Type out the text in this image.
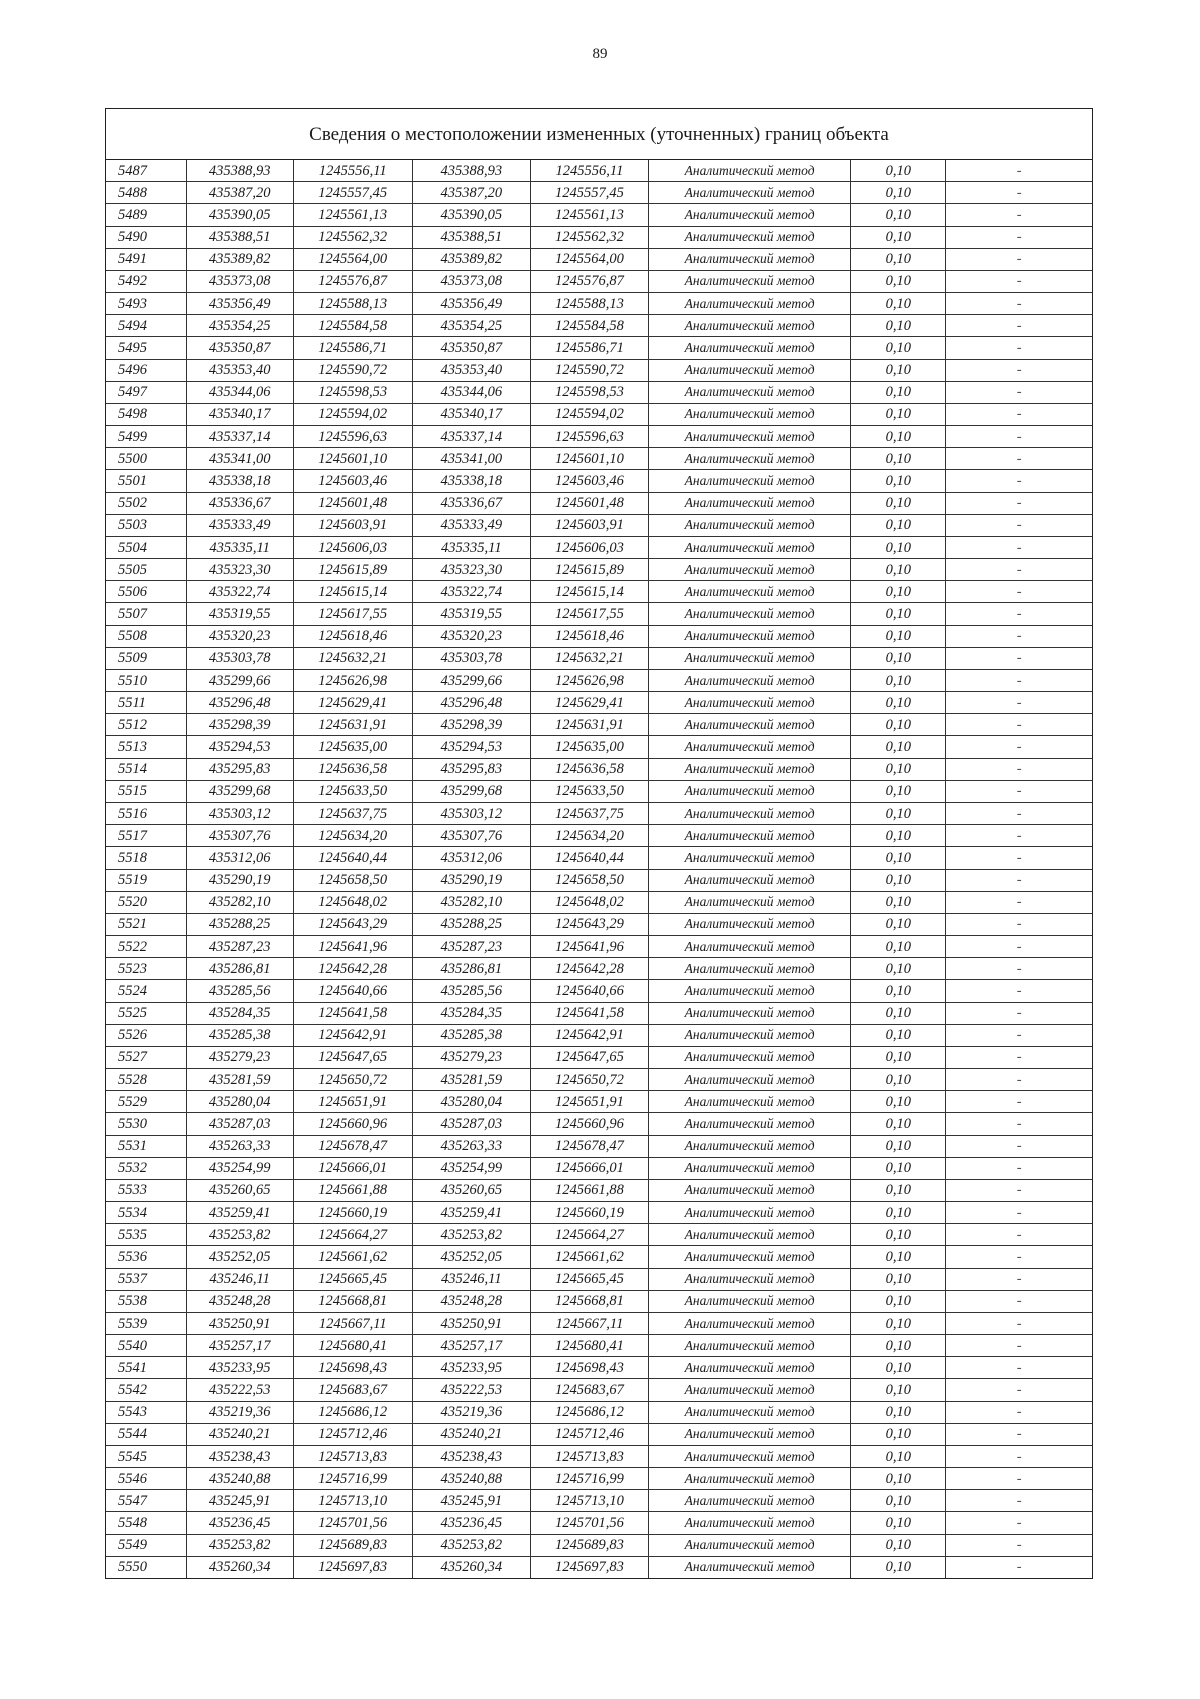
89
Сведения о местоположении измененных (уточненных) границ объекта
5487	435388,93	1245556,11	435388,93	1245556,11	Аналитический метод	0,10	-
5488	435387,20	1245557,45	435387,20	1245557,45	Аналитический метод	0,10	-
5489	435390,05	1245561,13	435390,05	1245561,13	Аналитический метод	0,10	-
5490	435388,51	1245562,32	435388,51	1245562,32	Аналитический метод	0,10	-
5491	435389,82	1245564,00	435389,82	1245564,00	Аналитический метод	0,10	-
5492	435373,08	1245576,87	435373,08	1245576,87	Аналитический метод	0,10	-
5493	435356,49	1245588,13	435356,49	1245588,13	Аналитический метод	0,10	-
5494	435354,25	1245584,58	435354,25	1245584,58	Аналитический метод	0,10	-
5495	435350,87	1245586,71	435350,87	1245586,71	Аналитический метод	0,10	-
5496	435353,40	1245590,72	435353,40	1245590,72	Аналитический метод	0,10	-
5497	435344,06	1245598,53	435344,06	1245598,53	Аналитический метод	0,10	-
5498	435340,17	1245594,02	435340,17	1245594,02	Аналитический метод	0,10	-
5499	435337,14	1245596,63	435337,14	1245596,63	Аналитический метод	0,10	-
5500	435341,00	1245601,10	435341,00	1245601,10	Аналитический метод	0,10	-
5501	435338,18	1245603,46	435338,18	1245603,46	Аналитический метод	0,10	-
5502	435336,67	1245601,48	435336,67	1245601,48	Аналитический метод	0,10	-
5503	435333,49	1245603,91	435333,49	1245603,91	Аналитический метод	0,10	-
5504	435335,11	1245606,03	435335,11	1245606,03	Аналитический метод	0,10	-
5505	435323,30	1245615,89	435323,30	1245615,89	Аналитический метод	0,10	-
5506	435322,74	1245615,14	435322,74	1245615,14	Аналитический метод	0,10	-
5507	435319,55	1245617,55	435319,55	1245617,55	Аналитический метод	0,10	-
5508	435320,23	1245618,46	435320,23	1245618,46	Аналитический метод	0,10	-
5509	435303,78	1245632,21	435303,78	1245632,21	Аналитический метод	0,10	-
5510	435299,66	1245626,98	435299,66	1245626,98	Аналитический метод	0,10	-
5511	435296,48	1245629,41	435296,48	1245629,41	Аналитический метод	0,10	-
5512	435298,39	1245631,91	435298,39	1245631,91	Аналитический метод	0,10	-
5513	435294,53	1245635,00	435294,53	1245635,00	Аналитический метод	0,10	-
5514	435295,83	1245636,58	435295,83	1245636,58	Аналитический метод	0,10	-
5515	435299,68	1245633,50	435299,68	1245633,50	Аналитический метод	0,10	-
5516	435303,12	1245637,75	435303,12	1245637,75	Аналитический метод	0,10	-
5517	435307,76	1245634,20	435307,76	1245634,20	Аналитический метод	0,10	-
5518	435312,06	1245640,44	435312,06	1245640,44	Аналитический метод	0,10	-
5519	435290,19	1245658,50	435290,19	1245658,50	Аналитический метод	0,10	-
5520	435282,10	1245648,02	435282,10	1245648,02	Аналитический метод	0,10	-
5521	435288,25	1245643,29	435288,25	1245643,29	Аналитический метод	0,10	-
5522	435287,23	1245641,96	435287,23	1245641,96	Аналитический метод	0,10	-
5523	435286,81	1245642,28	435286,81	1245642,28	Аналитический метод	0,10	-
5524	435285,56	1245640,66	435285,56	1245640,66	Аналитический метод	0,10	-
5525	435284,35	1245641,58	435284,35	1245641,58	Аналитический метод	0,10	-
5526	435285,38	1245642,91	435285,38	1245642,91	Аналитический метод	0,10	-
5527	435279,23	1245647,65	435279,23	1245647,65	Аналитический метод	0,10	-
5528	435281,59	1245650,72	435281,59	1245650,72	Аналитический метод	0,10	-
5529	435280,04	1245651,91	435280,04	1245651,91	Аналитический метод	0,10	-
5530	435287,03	1245660,96	435287,03	1245660,96	Аналитический метод	0,10	-
5531	435263,33	1245678,47	435263,33	1245678,47	Аналитический метод	0,10	-
5532	435254,99	1245666,01	435254,99	1245666,01	Аналитический метод	0,10	-
5533	435260,65	1245661,88	435260,65	1245661,88	Аналитический метод	0,10	-
5534	435259,41	1245660,19	435259,41	1245660,19	Аналитический метод	0,10	-
5535	435253,82	1245664,27	435253,82	1245664,27	Аналитический метод	0,10	-
5536	435252,05	1245661,62	435252,05	1245661,62	Аналитический метод	0,10	-
5537	435246,11	1245665,45	435246,11	1245665,45	Аналитический метод	0,10	-
5538	435248,28	1245668,81	435248,28	1245668,81	Аналитический метод	0,10	-
5539	435250,91	1245667,11	435250,91	1245667,11	Аналитический метод	0,10	-
5540	435257,17	1245680,41	435257,17	1245680,41	Аналитический метод	0,10	-
5541	435233,95	1245698,43	435233,95	1245698,43	Аналитический метод	0,10	-
5542	435222,53	1245683,67	435222,53	1245683,67	Аналитический метод	0,10	-
5543	435219,36	1245686,12	435219,36	1245686,12	Аналитический метод	0,10	-
5544	435240,21	1245712,46	435240,21	1245712,46	Аналитический метод	0,10	-
5545	435238,43	1245713,83	435238,43	1245713,83	Аналитический метод	0,10	-
5546	435240,88	1245716,99	435240,88	1245716,99	Аналитический метод	0,10	-
5547	435245,91	1245713,10	435245,91	1245713,10	Аналитический метод	0,10	-
5548	435236,45	1245701,56	435236,45	1245701,56	Аналитический метод	0,10	-
5549	435253,82	1245689,83	435253,82	1245689,83	Аналитический метод	0,10	-
5550	435260,34	1245697,83	435260,34	1245697,83	Аналитический метод	0,10	-
